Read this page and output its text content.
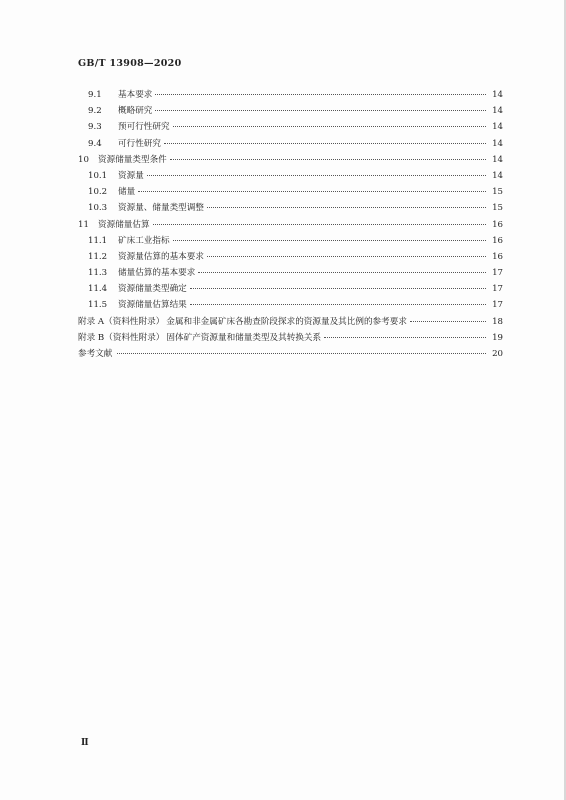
GB/T 13908—2020
9.1	基本要求	14
9.2	概略研究	14
9.3	预可行性研究	14
9.4	可行性研究	14
10	资源储量类型条件	14
10.1	资源量	14
10.2	储量	15
10.3	资源量、储量类型调整	15
11	资源储量估算	16
11.1	矿床工业指标	16
11.2	资源量估算的基本要求	16
11.3	储量估算的基本要求	17
11.4	资源储量类型确定	17
11.5	资源储量估算结果	17
附录 A（资料性附录） 金属和非金属矿床各勘查阶段探求的资源量及其比例的参考要求	18
附录 B（资料性附录） 固体矿产资源量和储量类型及其转换关系	19
参考文献	20
Ⅱ
